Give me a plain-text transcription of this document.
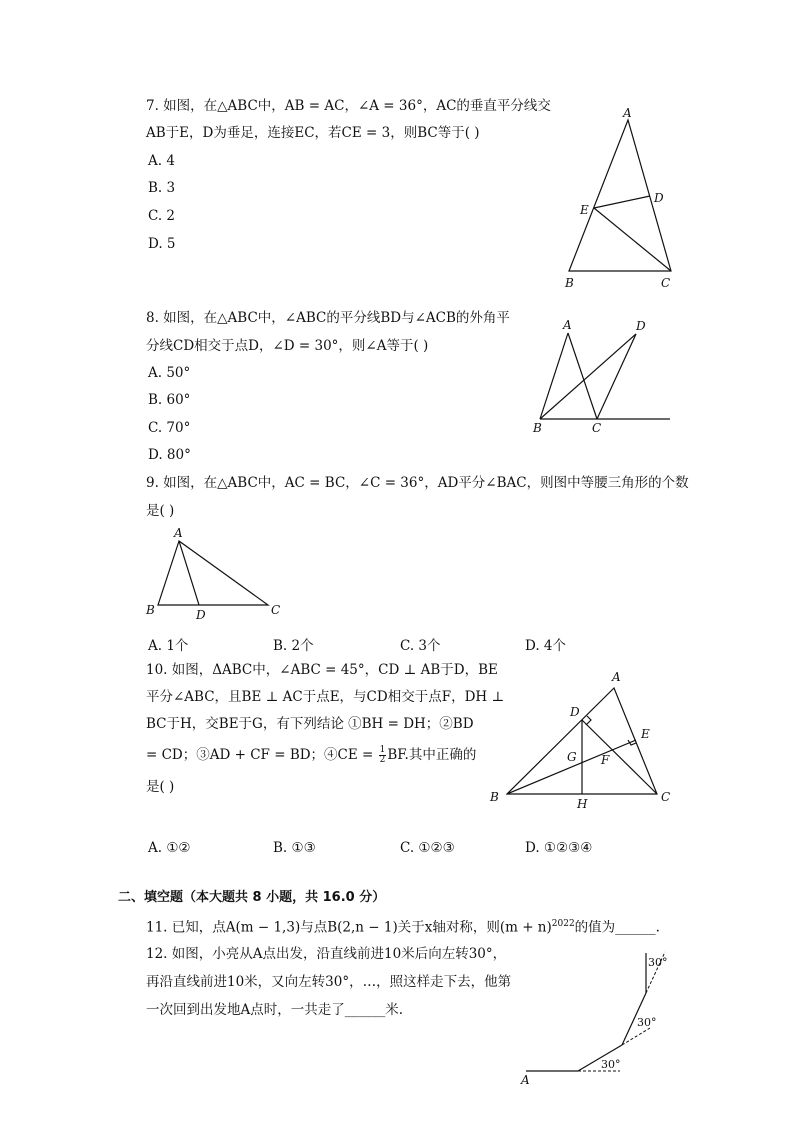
7. 如图，在△ABC中，AB = AC，∠A = 36°，AC的垂直平分线交
AB于E，D为垂足，连接EC，若CE = 3，则BC等于( )
A. 4
B. 3
C. 2
D. 5
8. 如图，在△ABC中，∠ABC的平分线BD与∠ACB的外角平
分线CD相交于点D，∠D = 30°，则∠A等于( )
A. 50°
B. 60°
C. 70°
D. 80°
9. 如图，在△ABC中，AC = BC，∠C = 36°，AD平分∠BAC，则图中等腰三角形的个数
是( )
A. 1个	B. 2个	C. 3个	D. 4个
10. 如图，ΔABC中，∠ABC = 45°，CD ⊥ AB于D，BE
平分∠ABC，且BE ⊥ AC于点E，与CD相交于点F，DH ⊥
BC于H，交BE于G，有下列结论 ①BH = DH；②BD
= CD；③AD + CF = BD；④CE = $\frac{1}{2}$ BF.其中正确的
是( )
A. ①②	B. ①③	C. ①②③	D. ①②③④
二、填空题（本大题共 8 小题，共 16.0 分）
11. 已知，点A(m − 1,3)与点B(2,n − 1)关于x轴对称，则$(m + n)^{2022}$的值为______.
12. 如图，小亮从A点出发，沿直线前进10米后向左转30°，
再沿直线前进10米，又向左转30°，…，照这样走下去，他第
一次回到出发地A点时，一共走了______米.
A
B	C
D
E
A
B	C
D
A
B	C
D
A
B	C
D
E
F
G
H
A
30°
30°
30°
